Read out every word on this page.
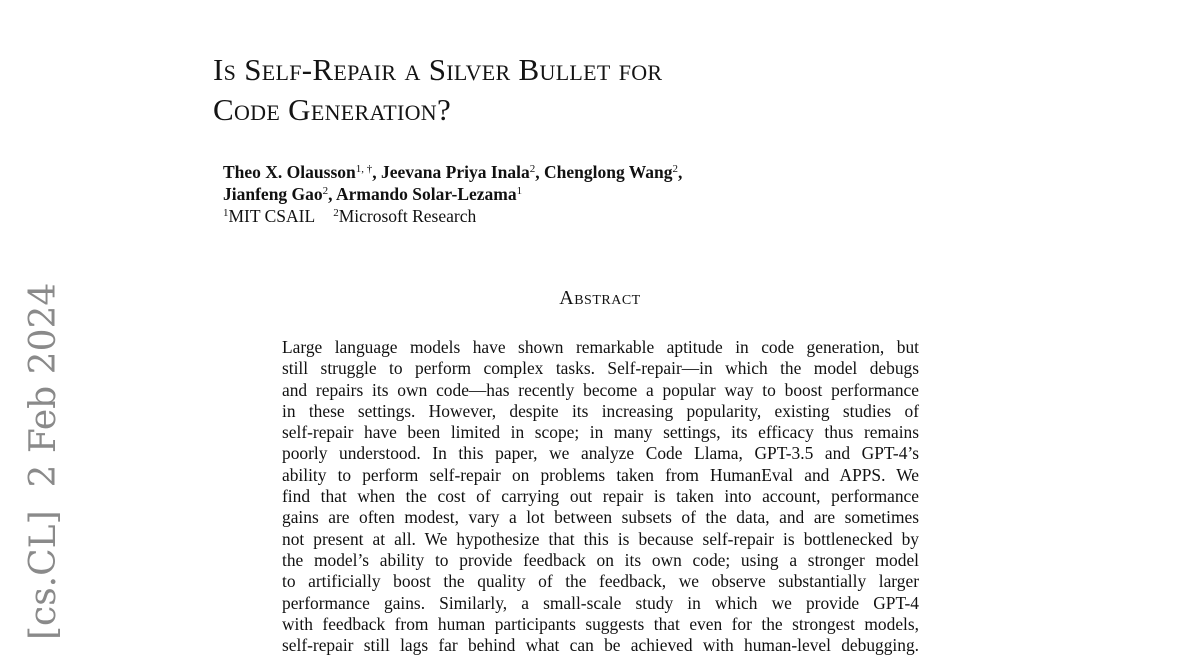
[cs.CL]  2 Feb 2024
Is Self-Repair a Silver Bullet for
Code Generation?
Theo X. Olausson$^{1, \dagger}$, Jeevana Priya Inala$^2$, Chenglong Wang$^2$,
Jianfeng Gao$^2$, Armando Solar-Lezama$^1$
$^1$MIT CSAIL $^2$Microsoft Research
Abstract
Large language models have shown remarkable aptitude in code generation, but
still struggle to perform complex tasks. Self-repair—in which the model debugs
and repairs its own code—has recently become a popular way to boost performance
in these settings. However, despite its increasing popularity, existing studies of
self-repair have been limited in scope; in many settings, its efficacy thus remains
poorly understood. In this paper, we analyze Code Llama, GPT-3.5 and GPT-4’s
ability to perform self-repair on problems taken from HumanEval and APPS. We
find that when the cost of carrying out repair is taken into account, performance
gains are often modest, vary a lot between subsets of the data, and are sometimes
not present at all. We hypothesize that this is because self-repair is bottlenecked by
the model’s ability to provide feedback on its own code; using a stronger model
to artificially boost the quality of the feedback, we observe substantially larger
performance gains. Similarly, a small-scale study in which we provide GPT-4
with feedback from human participants suggests that even for the strongest models,
self-repair still lags far behind what can be achieved with human-level debugging.
